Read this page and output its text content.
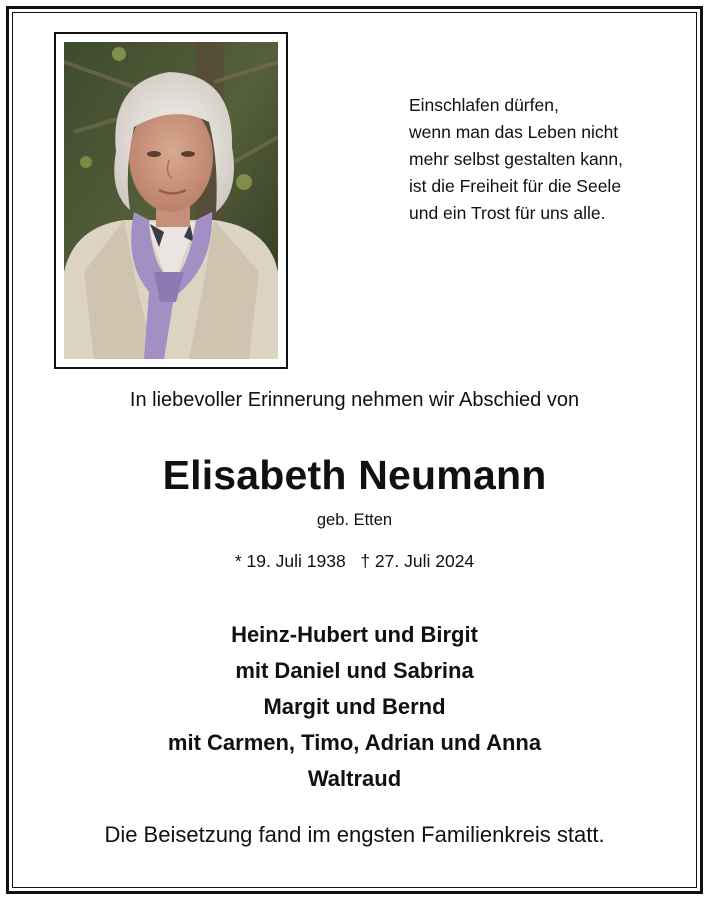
Einschlafen dürfen,
wenn man das Leben nicht
mehr selbst gestalten kann,
ist die Freiheit für die Seele
und ein Trost für uns alle.
In liebevoller Erinnerung nehmen wir Abschied von
Elisabeth Neumann
geb. Etten
* 19. Juli 1938 † 27. Juli 2024
Heinz-Hubert und Birgit
mit Daniel und Sabrina
Margit und Bernd
mit Carmen, Timo, Adrian und Anna
Waltraud
Die Beisetzung fand im engsten Familienkreis statt.
